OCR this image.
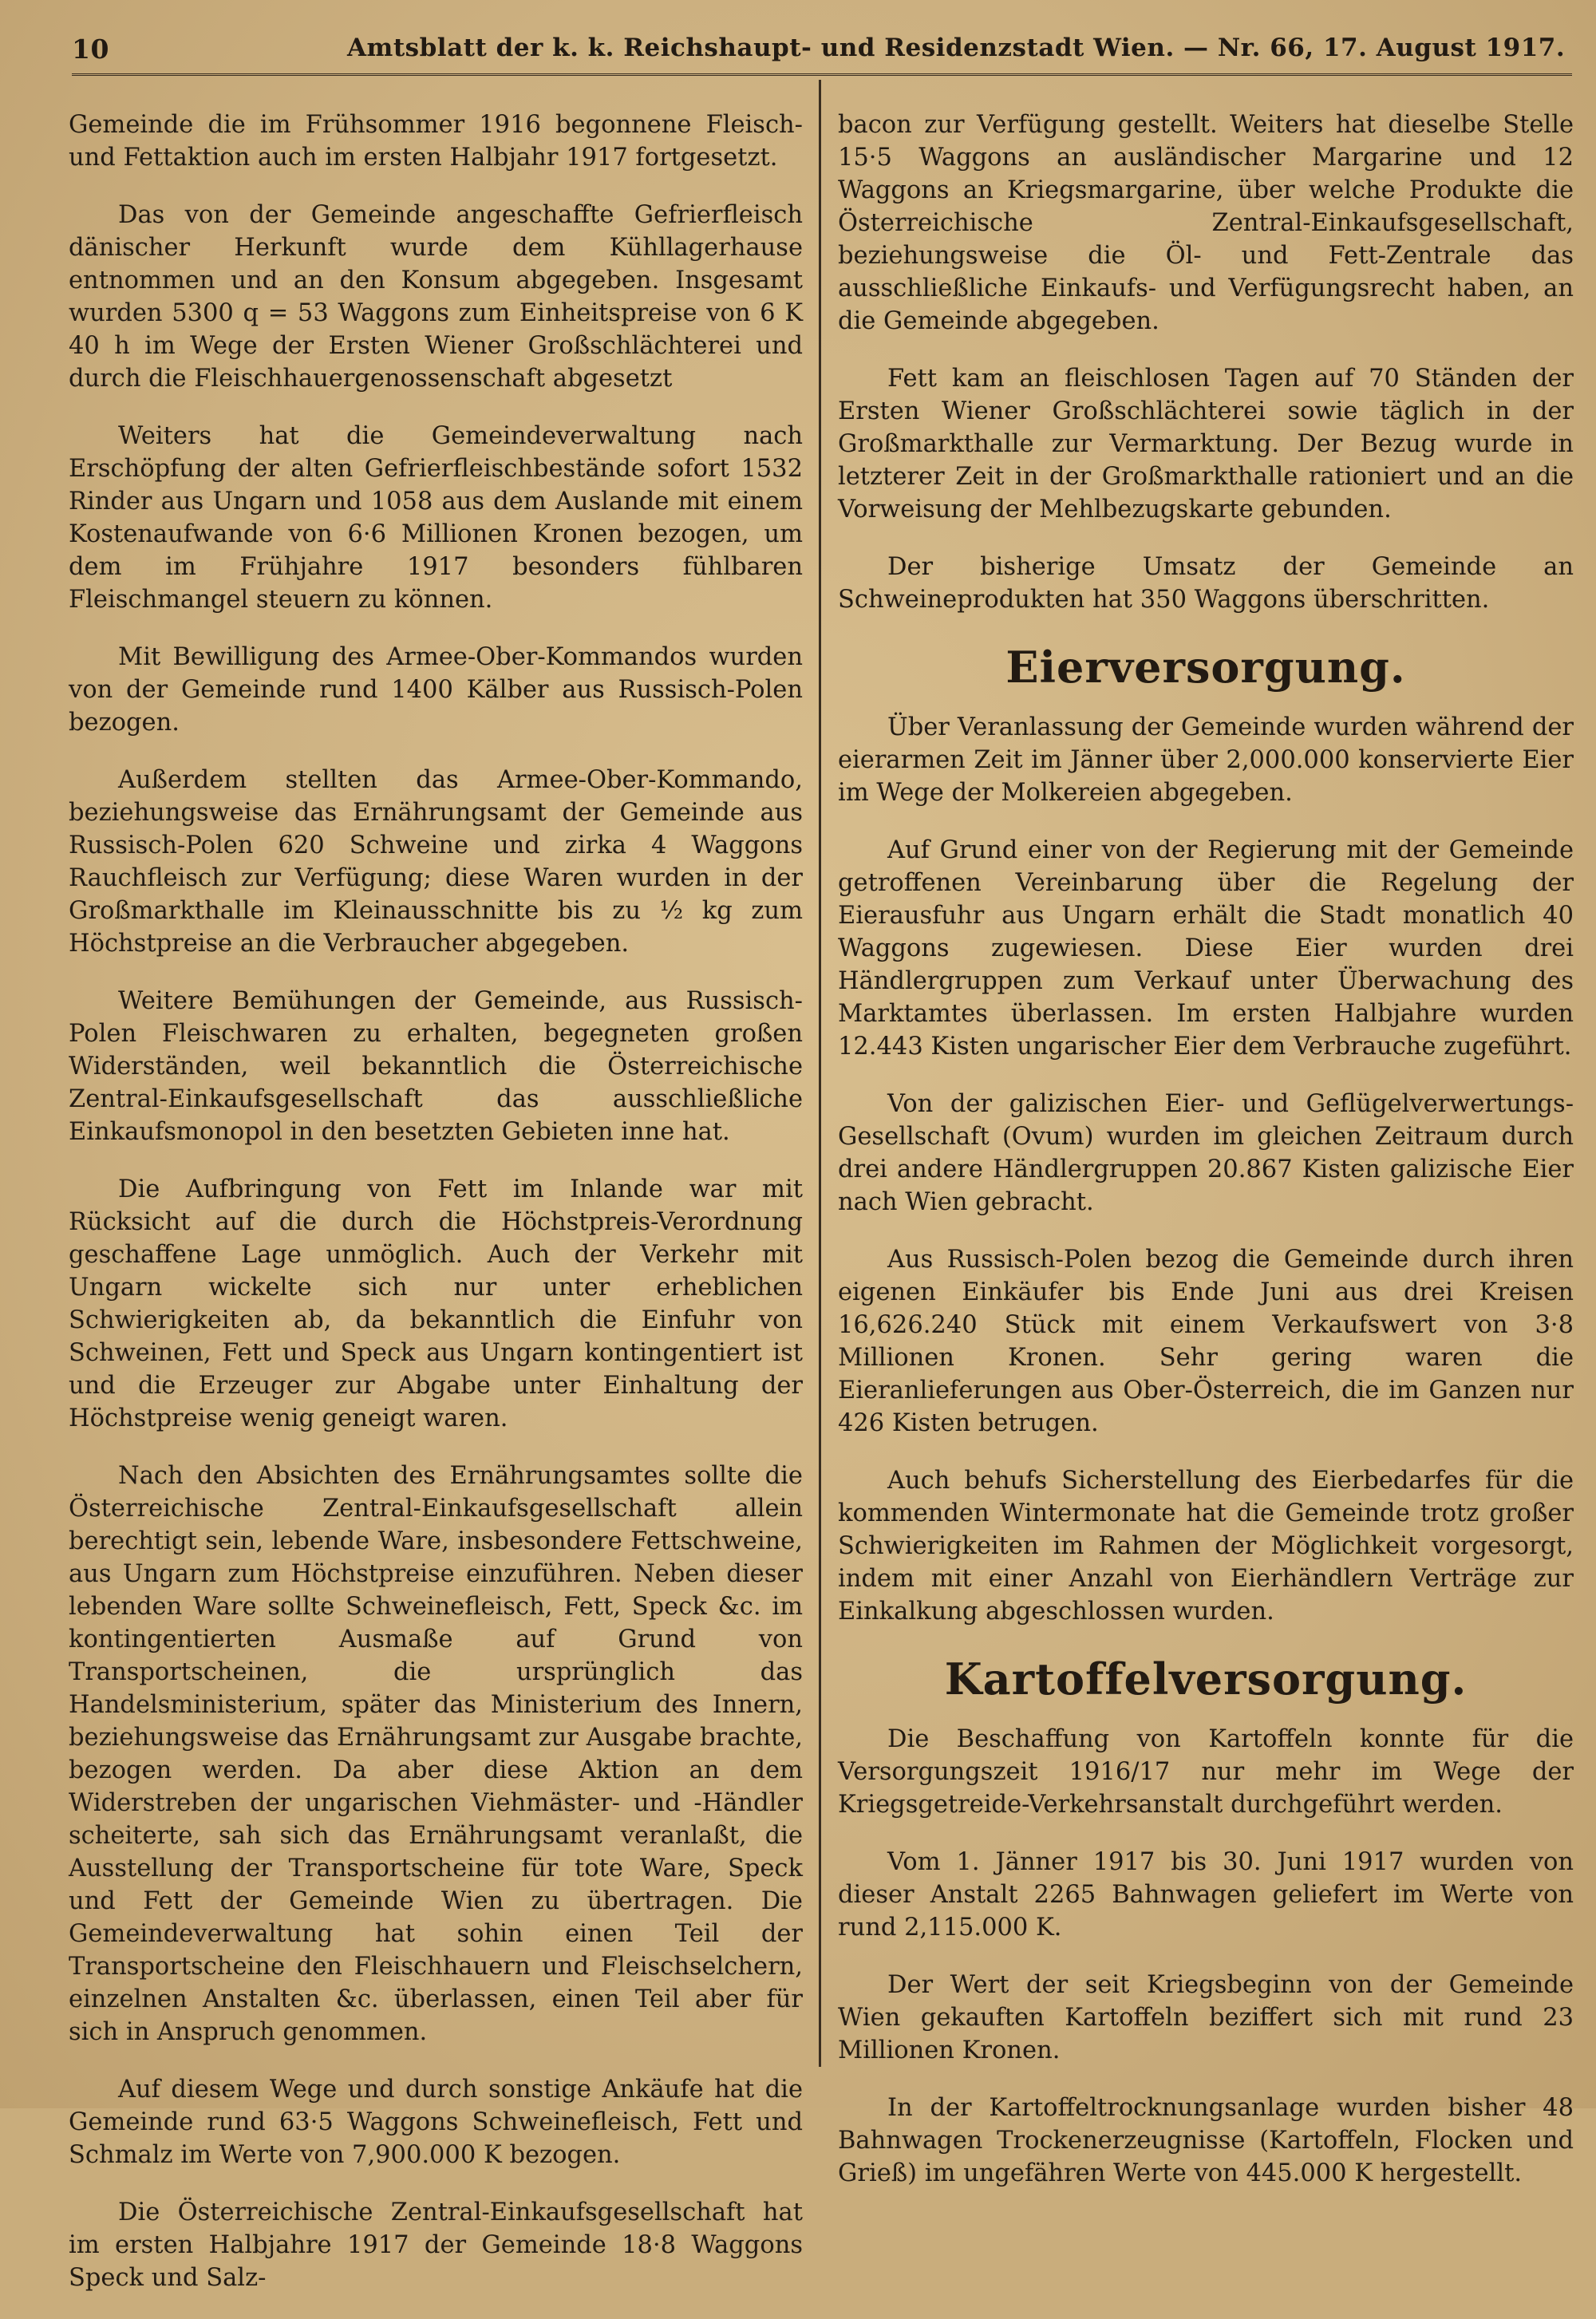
10	Amtsblatt der k. k. Reichshaupt- und Residenzstadt Wien. — Nr. 66, 17. August 1917.

Gemeinde die im Frühsommer 1916 begonnene Fleisch- und Fettaktion auch im ersten Halbjahr 1917 fortgesetzt.

Das von der Gemeinde angeschaffte Gefrierfleisch dänischer Herkunft wurde dem Kühllagerhause entnommen und an den Konsum abgegeben. Insgesamt wurden 5300 q = 53 Waggons zum Einheitspreise von 6 K 40 h im Wege der Ersten Wiener Großschlächterei und durch die Fleischhauergenossenschaft abgesetzt

Weiters hat die Gemeindeverwaltung nach Erschöpfung der alten Gefrierfleischbestände sofort 1532 Rinder aus Ungarn und 1058 aus dem Auslande mit einem Kostenaufwande von 6·6 Millionen Kronen bezogen, um dem im Frühjahre 1917 besonders fühlbaren Fleischmangel steuern zu können.

Mit Bewilligung des Armee-Ober-Kommandos wurden von der Gemeinde rund 1400 Kälber aus Russisch-Polen bezogen.

Außerdem stellten das Armee-Ober-Kommando, beziehungsweise das Ernährungsamt der Gemeinde aus Russisch-Polen 620 Schweine und zirka 4 Waggons Rauchfleisch zur Verfügung; diese Waren wurden in der Großmarkthalle im Kleinausschnitte bis zu ½ kg zum Höchstpreise an die Verbraucher abgegeben.

Weitere Bemühungen der Gemeinde, aus Russisch-Polen Fleischwaren zu erhalten, begegneten großen Widerständen, weil bekanntlich die Österreichische Zentral-Einkaufsgesellschaft das ausschließliche Einkaufsmonopol in den besetzten Gebieten inne hat.

Die Aufbringung von Fett im Inlande war mit Rücksicht auf die durch die Höchstpreis-Verordnung geschaffene Lage unmöglich. Auch der Verkehr mit Ungarn wickelte sich nur unter erheblichen Schwierigkeiten ab, da bekanntlich die Einfuhr von Schweinen, Fett und Speck aus Ungarn kontingentiert ist und die Erzeuger zur Abgabe unter Einhaltung der Höchstpreise wenig geneigt waren.

Nach den Absichten des Ernährungsamtes sollte die Österreichische Zentral-Einkaufsgesellschaft allein berechtigt sein, lebende Ware, insbesondere Fettschweine, aus Ungarn zum Höchstpreise einzuführen. Neben dieser lebenden Ware sollte Schweinefleisch, Fett, Speck &c. im kontingentierten Ausmaße auf Grund von Transportscheinen, die ursprünglich das Handelsministerium, später das Ministerium des Innern, beziehungsweise das Ernährungsamt zur Ausgabe brachte, bezogen werden. Da aber diese Aktion an dem Widerstreben der ungarischen Viehmäster- und -Händler scheiterte, sah sich das Ernährungsamt veranlaßt, die Ausstellung der Transportscheine für tote Ware, Speck und Fett der Gemeinde Wien zu übertragen. Die Gemeindeverwaltung hat sohin einen Teil der Transportscheine den Fleischhauern und Fleischselchern, einzelnen Anstalten &c. überlassen, einen Teil aber für sich in Anspruch genommen.

Auf diesem Wege und durch sonstige Ankäufe hat die Gemeinde rund 63·5 Waggons Schweinefleisch, Fett und Schmalz im Werte von 7,900.000 K bezogen.

Die Österreichische Zentral-Einkaufsgesellschaft hat im ersten Halbjahre 1917 der Gemeinde 18·8 Waggons Speck und Salz-

bacon zur Verfügung gestellt. Weiters hat dieselbe Stelle 15·5 Waggons an ausländischer Margarine und 12 Waggons an Kriegsmargarine, über welche Produkte die Österreichische Zentral-Einkaufsgesellschaft, beziehungsweise die Öl- und Fett-Zentrale das ausschließliche Einkaufs- und Verfügungsrecht haben, an die Gemeinde abgegeben.

Fett kam an fleischlosen Tagen auf 70 Ständen der Ersten Wiener Großschlächterei sowie täglich in der Großmarkthalle zur Vermarktung. Der Bezug wurde in letzterer Zeit in der Großmarkthalle rationiert und an die Vorweisung der Mehlbezugskarte gebunden.

Der bisherige Umsatz der Gemeinde an Schweineprodukten hat 350 Waggons überschritten.

Eierversorgung.

Über Veranlassung der Gemeinde wurden während der eierarmen Zeit im Jänner über 2,000.000 konservierte Eier im Wege der Molkereien abgegeben.

Auf Grund einer von der Regierung mit der Gemeinde getroffenen Vereinbarung über die Regelung der Eierausfuhr aus Ungarn erhält die Stadt monatlich 40 Waggons zugewiesen. Diese Eier wurden drei Händlergruppen zum Verkauf unter Überwachung des Marktamtes überlassen. Im ersten Halbjahre wurden 12.443 Kisten ungarischer Eier dem Verbrauche zugeführt.

Von der galizischen Eier- und Geflügelverwertungs-Gesellschaft (Ovum) wurden im gleichen Zeitraum durch drei andere Händlergruppen 20.867 Kisten galizische Eier nach Wien gebracht.

Aus Russisch-Polen bezog die Gemeinde durch ihren eigenen Einkäufer bis Ende Juni aus drei Kreisen 16,626.240 Stück mit einem Verkaufswert von 3·8 Millionen Kronen. Sehr gering waren die Eieranlieferungen aus Ober-Österreich, die im Ganzen nur 426 Kisten betrugen.

Auch behufs Sicherstellung des Eierbedarfes für die kommenden Wintermonate hat die Gemeinde trotz großer Schwierigkeiten im Rahmen der Möglichkeit vorgesorgt, indem mit einer Anzahl von Eierhändlern Verträge zur Einkalkung abgeschlossen wurden.

Kartoffelversorgung.

Die Beschaffung von Kartoffeln konnte für die Versorgungszeit 1916/17 nur mehr im Wege der Kriegsgetreide-Verkehrsanstalt durchgeführt werden.

Vom 1. Jänner 1917 bis 30. Juni 1917 wurden von dieser Anstalt 2265 Bahnwagen geliefert im Werte von rund 2,115.000 K.

Der Wert der seit Kriegsbeginn von der Gemeinde Wien gekauften Kartoffeln beziffert sich mit rund 23 Millionen Kronen.

In der Kartoffeltrocknungsanlage wurden bisher 48 Bahnwagen Trockenerzeugnisse (Kartoffeln, Flocken und Grieß) im ungefähren Werte von 445.000 K hergestellt.
